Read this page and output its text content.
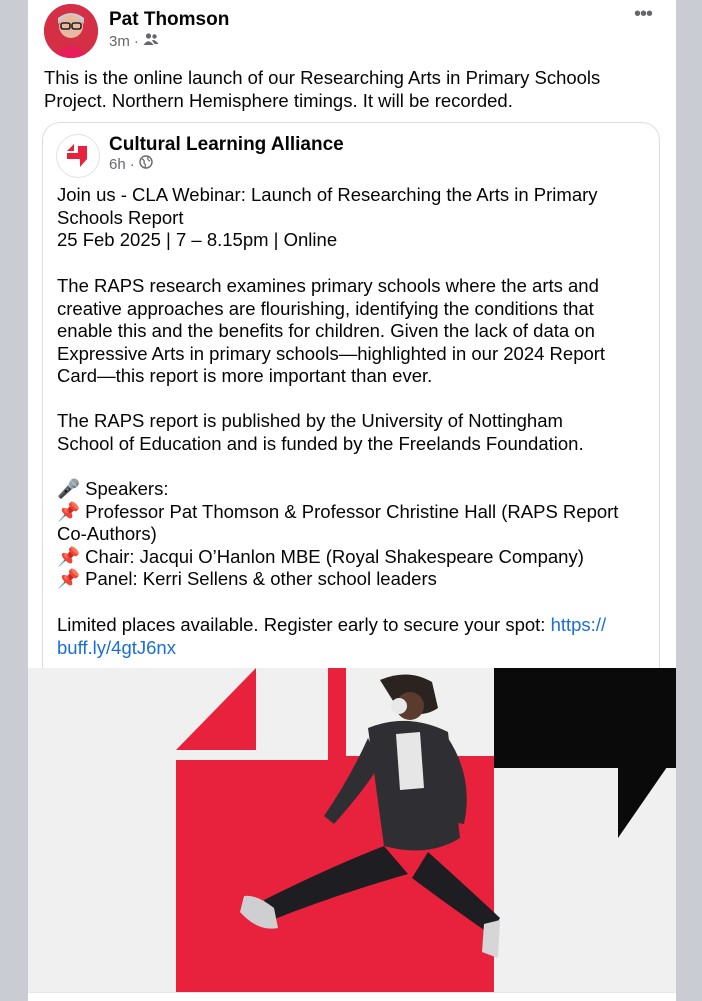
Pat Thomson
3m ·
•••

This is the online launch of our Researching Arts in Primary Schools
Project. Northern Hemisphere timings. It will be recorded.

Cultural Learning Alliance
6h ·

Join us - CLA Webinar: Launch of Researching the Arts in Primary
Schools Report
25 Feb 2025 | 7 – 8.15pm | Online

The RAPS research examines primary schools where the arts and
creative approaches are flourishing, identifying the conditions that
enable this and the benefits for children. Given the lack of data on
Expressive Arts in primary schools—highlighted in our 2024 Report
Card—this report is more important than ever.

The RAPS report is published by the University of Nottingham
School of Education and is funded by the Freelands Foundation.

🎤 Speakers:
📌 Professor Pat Thomson & Professor Christine Hall (RAPS Report
Co-Authors)
📌 Chair: Jacqui O’Hanlon MBE (Royal Shakespeare Company)
📌 Panel: Kerri Sellens & other school leaders

Limited places available. Register early to secure your spot: https://
buff.ly/4gtJ6nx
